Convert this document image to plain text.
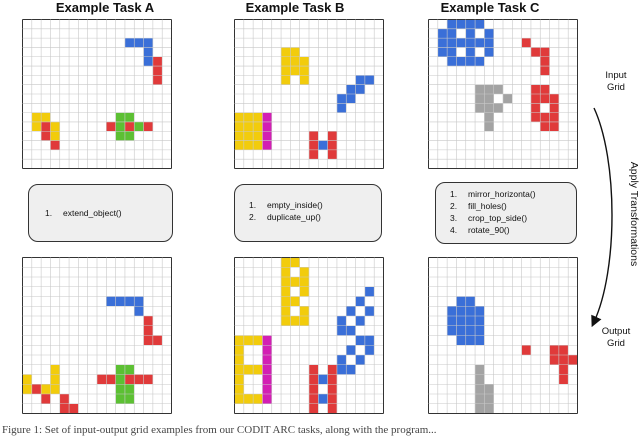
Example Task A	Example Task B	Example Task C
1.	extend_object()
1.	empty_inside()
2.	duplicate_up()
1.	mirror_horizonta()
2.	fill_holes()
3.	crop_top_side()
4.	rotate_90()
Input
Grid
Output
Grid
Apply Transformations
Figure 1: Set of input-output grid examples from our CODIT ARC tasks, along with the program...
